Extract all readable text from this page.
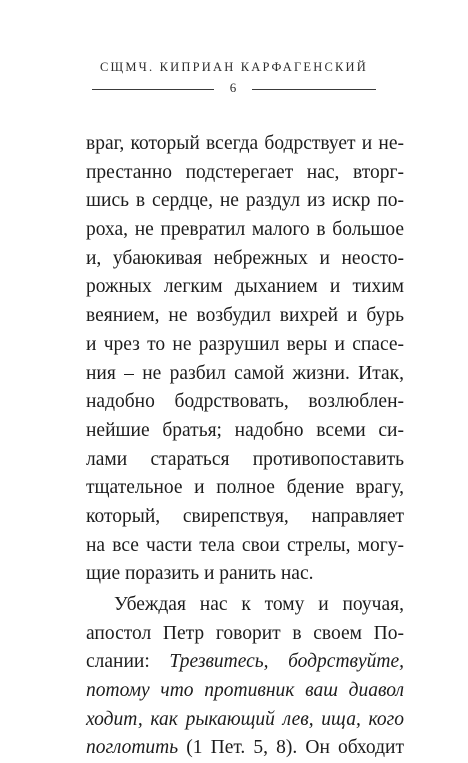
СЩМЧ. КИПРИАН КАРФАГЕНСКИЙ
6
враг, который всегда бодрствует и не-
престанно подстерегает нас, вторг-
шись в сердце, не раздул из искр по-
роха, не превратил малого в большое
и, убаюкивая небрежных и неосто-
рожных легким дыханием и тихим
веянием, не возбудил вихрей и бурь
и чрез то не разрушил веры и спасе-
ния – не разбил самой жизни. Итак,
надобно бодрствовать, возлюблен-
нейшие братья; надобно всеми си-
лами стараться противопоставить
тщательное и полное бдение врагу,
который, свирепствуя, направляет
на все части тела свои стрелы, могу-
щие поразить и ранить нас.
Убеждая нас к тому и поучая,
апостол Петр говорит в своем По-
слании: Трезвитесь, бодрствуйте,
потому что противник ваш диавол
ходит, как рыкающий лев, ища, кого
поглотить (1 Пет. 5, 8). Он обходит
